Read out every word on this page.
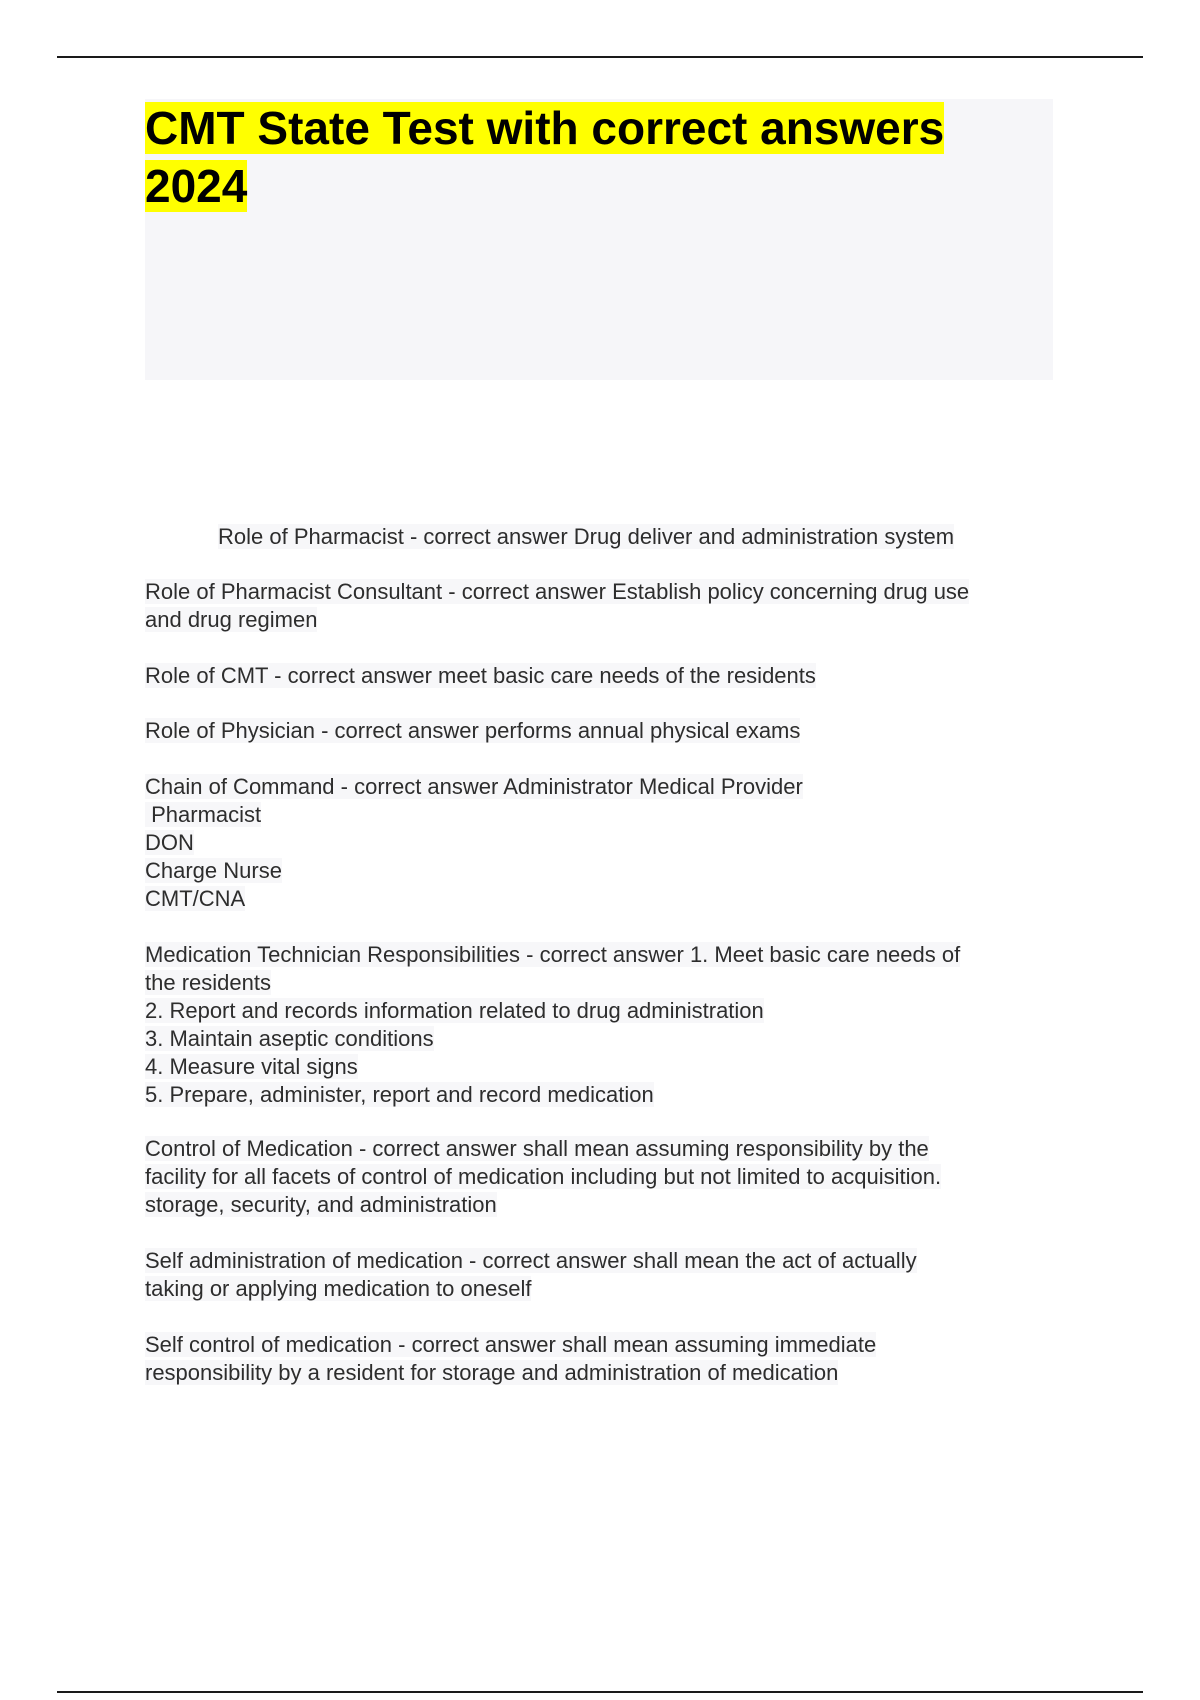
CMT State Test with correct answers
2024
Role of Pharmacist - correct answer Drug deliver and administration system
Role of Pharmacist Consultant - correct answer Establish policy concerning drug use
and drug regimen
Role of CMT - correct answer meet basic care needs of the residents
Role of Physician - correct answer performs annual physical exams
Chain of Command - correct answer Administrator Medical Provider
Pharmacist
DON
Charge Nurse
CMT/CNA
Medication Technician Responsibilities - correct answer 1. Meet basic care needs of
the residents
2. Report and records information related to drug administration
3. Maintain aseptic conditions
4. Measure vital signs
5. Prepare, administer, report and record medication
Control of Medication - correct answer shall mean assuming responsibility by the
facility for all facets of control of medication including but not limited to acquisition.
storage, security, and administration
Self administration of medication - correct answer shall mean the act of actually
taking or applying medication to oneself
Self control of medication - correct answer shall mean assuming immediate
responsibility by a resident for storage and administration of medication
